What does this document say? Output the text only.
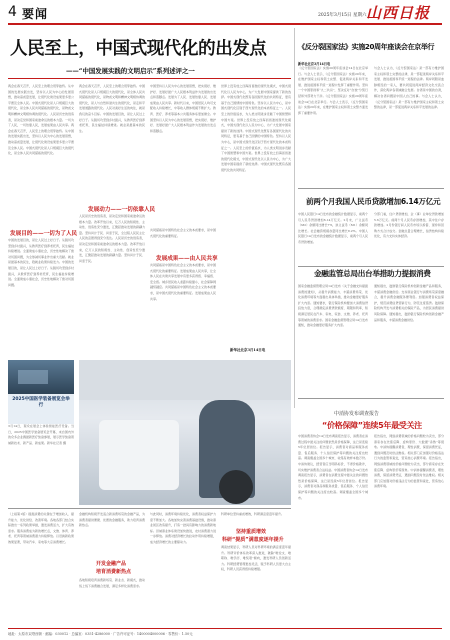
4 要闻	2025年3月15日 星期六 山西日报
人民至上，中国式现代化的出发点
——“中国发展实践的文明启示”系列述评之一
两会在春天召开，人民至上的理念贯穿始终。从中国的发展实践出发，坚持以人民为中心的发展思想，推动高质量发展，让现代化建设成果更多更公平惠及全体人民。中国式现代化是人口规模巨大的现代化，是全体人民共同富裕的现代化，是物质文明和精神文明相协调的现代化。人民是历史的创造者，是决定党和国家前途命运的根本力量。一切为了人民，一切依靠人民，发展成果由人民共享。两会在春天召开，人民至上的理念贯穿始终。从中国的发展实践出发，坚持以人民为中心的发展思想，推动高质量发展，让现代化建设成果更多更公平惠及全体人民。中国式现代化是人口规模巨大的现代化，是全体人民共同富裕的现代化。
发展目的——一切为了人民
中国的发展目的，是让人民过上好日子。从脱贫攻坚到乡村振兴，从教育医疗到养老托育，民生福祉持续增进。全面建成小康社会，历史性地解决了绝对贫困问题，为全球减贫事业作出重大贡献。就业是最基本的民生，稳就业政策持续发力。中国的发展目的，是让人民过上好日子。从脱贫攻坚到乡村振兴，从教育医疗到养老托育，民生福祉持续增进。全面建成小康社会，历史性地解决了绝对贫困问题。
两会在春天召开，人民至上的理念贯穿始终。中国式现代化是人口规模巨大的现代化，是全体人民共同富裕的现代化，是物质文明和精神文明相协调的现代化，是人与自然和谐共生的现代化，是走和平发展道路的现代化。人民对美好生活的向往，就是我们的奋斗目标。中国的发展目的，是让人民过上好日子。从脱贫攻坚到乡村振兴，从教育医疗到养老托育，民生福祉持续增进。就业是最基本的民生。
发展动力——一切依靠人民
人民是历史的创造者，是决定党和国家前途命运的根本力量。改革开放以来，亿万人民的积极性、主动性、创造性充分激发，汇聚起推动发展的磅礴力量。坚持问计于民、问需于民，全过程人民民主让人民的意愿得到充分表达。人民是历史的创造者，是决定党和国家前途命运的根本力量。改革开放以来，亿万人民的积极性、主动性、创造性充分激发，汇聚起推动发展的磅礴力量。坚持问计于民、问需于民。
中国坚持以人民为中心的发展思想，把实现好、维护好、发展好最广大人民根本利益作为发展的出发点和落脚点。发展为了人民、发展依靠人民、发展成果由人民共享。新时代以来，中国居民人均可支配收入持续增长，中等收入群体规模不断扩大。教育、医疗、养老等基本公共服务体系更加健全。中国坚持以人民为中心的发展思想，把实现好、维护好、发展好最广大人民根本利益作为发展的出发点和落脚点。
发展成果——由人民共享
共同富裕是中国特色社会主义的本质要求，是中国式现代化的重要特征。
共同富裕是中国特色社会主义的本质要求，是中国式现代化的重要特征。发展成果由人民共享，让全体人民在共建共享发展中有更多获得感、幸福感、安全感。城乡居民收入差距持续缩小，社会保障网越织越密。共同富裕是中国特色社会主义的本质要求，是中国式现代化的重要特征。发展成果由人民共享。
世界上没有放之四海而皆准的现代化模式，中国式现代化以人民为中心，为广大发展中国家提供了新的选择。中国式现代化既有各国现代化的共同特征，更有基于自己国情的中国特色。坚持以人民为中心，是中国式现代化区别于西方现代化的本质特征之一。人民至上的价值追求，为人类文明进步贡献了中国智慧和中国方案。世界上没有放之四海而皆准的现代化模式，中国式现代化以人民为中心，为广大发展中国家提供了新的选择。中国式现代化既有各国现代化的共同特征，更有基于自己国情的中国特色。坚持以人民为中心，是中国式现代化区别于西方现代化的本质特征之一。人民至上的价值追求，为人类文明进步贡献了中国智慧和中国方案。世界上没有放之四海而皆准的现代化模式，中国式现代化以人民为中心，为广大发展中国家提供了新的选择。中国式现代化既有各国现代化的共同特征。
新华社北京3月14日电
《反分裂国家法》实施20周年座谈会在京举行
新华社北京3月14日电
《反分裂国家法》实施20周年座谈会14日在北京举行。与会人士表示，《反分裂国家法》实施20年来，在维护国家主权和领土完整、促进两岸关系和平发展、推进祖国和平统一进程中发挥了重要作用。坚持一个中国原则和“九二共识”，坚决反对“台独”分裂行径和外部势力干涉。《反分裂国家法》实施20周年座谈会14日在北京举行。与会人士表示，《反分裂国家法》实施20年来，在维护国家主权和领土完整方面发挥了重要作用。
与会人士认为，《反分裂国家法》是一部有力维护国家主权和领土完整的法律，是一部促进两岸关系和平发展、推进祖国和平统一进程的法律。两岸同胞是血脉相连的一家人，要共同促进两岸经济文化交流合作，深化两岸各领域融合发展。台湾是中国的台湾，解决台湾问题是中国人自己的事。与会人士认为，《反分裂国家法》是一部有力维护国家主权和领土完整的法律，是一部促进两岸关系和平发展的法律。
前两个月我国人民币贷款增加6.14万亿元
中国人民银行14日发布的金融统计数据显示，前两个月人民币贷款增加6.14万亿元。2月末，广义货币（M2）余额同比增长7%，狭义货币（M1）余额同比增长。社会融资规模存量同比增长8.2%。中国人民银行14日发布的金融统计数据显示，前两个月人民币贷款增加。
分部门看，住户贷款增加，企（事）业单位贷款增加5.6万亿元。前两个月人民币存款增加，其中住户存款增加。2月份银行间人民币市场以拆借、现券和回购方式合计成交。金融总量合理增长，信贷结构持续优化，有力支持实体经济。
金融监管总局出台举措助力提振消费
国家金融监督管理总局14日发布《关于金融支持提振消费的通知》，从提升消费能力、丰富消费场景、优化消费环境等方面提出具体举措，推动金融更好服务扩大内需。通知要求，银行保险机构要加大消费信贷投放力度，合理确定消费贷款额度、期限和利率，积极满足居民在汽车、家电、家装、文旅、养老、托育等领域的消费需求。国家金融监督管理总局14日发布通知，推动金融更好服务扩大内需。
通知提出，鼓励银行保险机构创新金融产品和服务，丰富消费金融供给。支持商业银行与消费场景深度融合，提升消费金融服务便利度。加强消费者权益保护，规范消费信贷营销行为，防范过度借贷。鼓励保险机构开发与消费相关的保险产品，为居民消费提供风险保障。通知提出，鼓励银行保险机构创新金融产品和服务，丰富消费金融供给。
2025中国医学装备展览会举行
3月14日，观众在展会上体验智能医疗设备。当日，2025中国医学装备展览会开幕，来自国内外的众多企业携最新医疗装备参展，展示医学装备领域新技术、新产品、新成果。新华社记者 摄
中消协发布调查报告
“价格保障”连续5年最受关注
中国消费者协会14日发布调查报告显示，消费者在消费过程中最关注的问题依然是价格保障，这已是连续5年位居首位。报告显示，消费者对商品和服务质量、售后服务、个人信息保护等问题的关注度也较高。调查覆盖全国多个城市，收集有效样本数万份。中消协建议，经营者应当明码标价，不得价格欺诈，切实维护消费者合法权益。中国消费者协会14日发布调查报告显示，消费者在消费过程中最关注的问题依然是价格保障，这已是连续5年位居首位。报告显示，消费者对商品和服务质量、售后服务、个人信息保护等问题的关注度也较高。调查覆盖全国多个城市。
报告指出，网络消费领域的价格问题较为突出，部分商家存在先涨后降、虚构原价、大数据“杀熟”等现象。中消协提醒消费者，理性消费，保留消费凭证，遇到问题及时依法维权。相关部门应加强对价格违法行为的监管和查处，营造放心消费环境。报告指出，网络消费领域的价格问题较为突出，部分商家存在先涨后降、虚构原价等现象。中消协提醒消费者，理性消费，保留消费凭证，遇到问题及时依法维权。相关部门应加强对价格违法行为的监管和查处，营造放心消费环境。
（上接第1版）提振消费的关键在于增加收入、提升能力、优化供给、改善环境。各地各部门结合实际推出一系列政策举措，激发消费活力，扩大有效需求。服务消费成为新的增长点，文旅、体育、养老、托育等领域消费潜力持续释放。以旧换新政策效果显著，带动汽车、家电等大宗消费增长。
开发金融产品
培育消费新热点
金融机构积极开发适合新消费场景的金融产品，为消费者提供便捷、优惠的金融服务，助力培育消费新热点。
各地积极培育消费新场景、新业态、新模式，推动线上线下消费融合发展，满足多样化消费需求。
与此同时，消费环境持续优化，消费者权益保护力度不断加大。各地加快完善消费基础设施，推动商业街区改造提升，打造一批具有影响力的消费新地标。县域商业体系建设加快推进，农村消费潜力进一步释放。消费对经济增长的拉动作用持续增强，成为经济增长的主要驱动力。
坚持重质增效
科研“提质”满意度逐年提升
科研单位坚持重质增效，科研满意度逐年提升。
调查结果显示，科研人员对科研环境的满意度逐年提升。科研评价体系改革深入推进，破除“唯论文、唯职称、唯学历、唯奖项”倾向，激发科研人员创新活力。科研经费管理更加灵活，赋予科研人员更大自主权，科研人员获得感持续增强。
地址：太原市双塔西街 · 邮编：030012 · 总编室：0351-4286000 · 广告许可证号：1400004000006 · 零售价：1.50元
